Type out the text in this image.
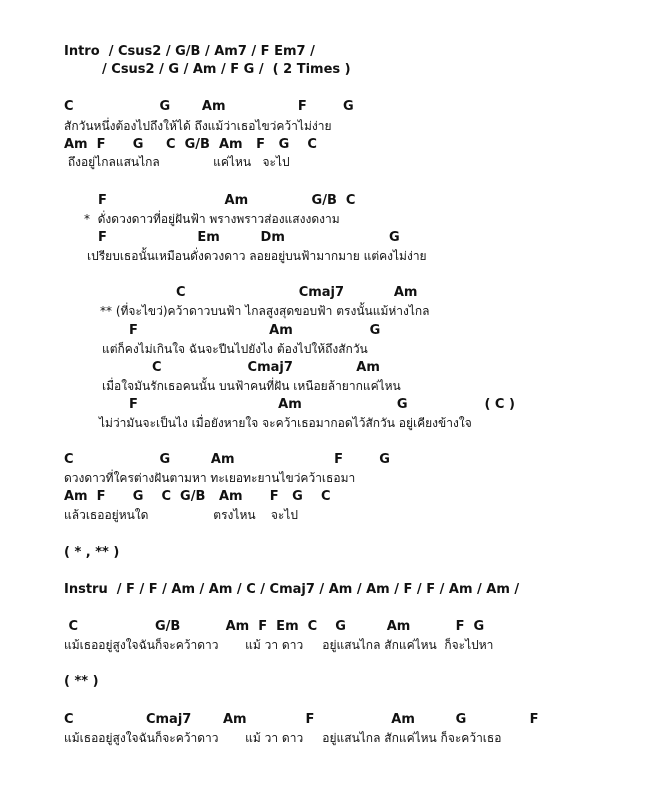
Intro  / Csus2 / G/B / Am7 / F Em7 /
/ Csus2 / G / Am / F G /  ( 2 Times )
C                   G       Am                F        G
สักวันหนึ่งต้องไปถึงให้ได้ ถึงแม้ว่าเธอไขว่คว้าไม่ง่าย
Am  F      G     C  G/B  Am   F   G    C
ถึงอยู่ไกลแสนไกล              แค่ไหน   จะไป
F                          Am              G/B  C
*  ดั่งดวงดาวที่อยู่ฝันฟ้า พรางพราวส่องแสงงดงาม
F                    Em         Dm                       G
เปรียบเธอนั้นเหมือนดั่งดวงดาว ลอยอยู่บนฟ้ามากมาย แต่คงไม่ง่าย
C                         Cmaj7           Am
** (ที่จะไขว่)คว้าดาวบนฟ้า ไกลสูงสุดขอบฟ้า ตรงนั้นแม้ห่างไกล
F                             Am                 G
แต่ก็คงไม่เกินใจ ฉันจะปีนไปยังไง ต้องไปให้ถึงสักวัน
C                   Cmaj7              Am
เมื่อใจมันรักเธอคนนั้น บนฟ้าคนที่ฝัน เหนือยล้ายากแค่ไหน
F                               Am                     G                 ( C )
ไม่ว่ามันจะเป็นไง เมื่อยังหายใจ จะคว้าเธอมากอดไว้สักวัน อยู่เคียงข้างใจ
C                   G         Am                      F        G
ดวงดาวที่ใครต่างฝันตามหา ทะเยอทะยานไขว่คว้าเธอมา
Am  F      G    C  G/B   Am      F   G    C
แล้วเธออยู่หนใด                 ตรงไหน    จะไป
( * , ** )
Instru  / F / F / Am / Am / C / Cmaj7 / Am / Am / F / F / Am / Am /
C                 G/B          Am  F  Em  C    G         Am          F  G
แม้เธออยู่สูงใจฉันก็จะคว้าดาว       แม้ วา ดาว     อยู่แสนไกล สักแค่ไหน  ก็จะไปหา
( ** )
C                Cmaj7       Am             F                 Am         G              F
แม้เธออยู่สูงใจฉันก็จะคว้าดาว       แม้ วา ดาว     อยู่แสนไกล สักแค่ไหน ก็จะคว้าเธอ
